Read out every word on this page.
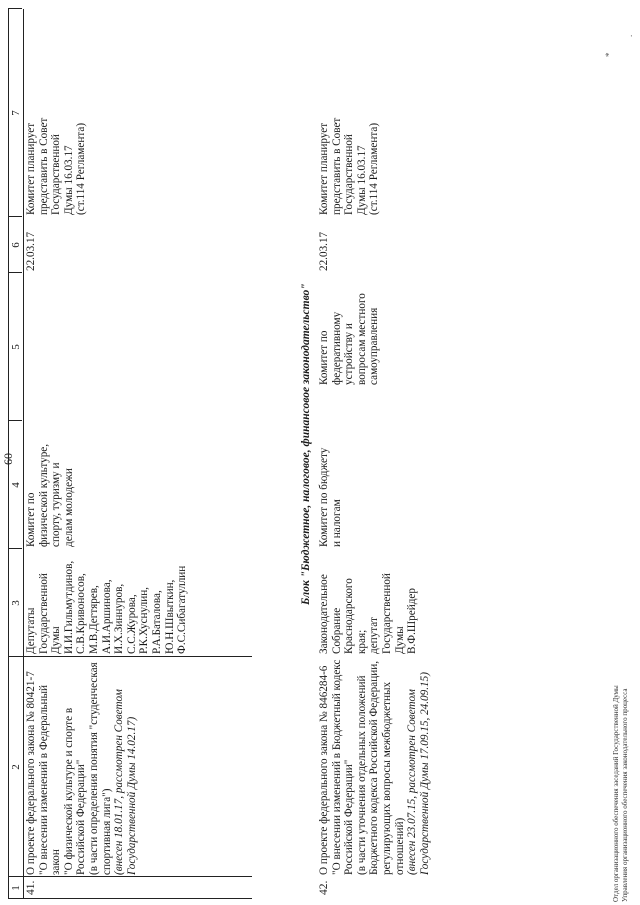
60
1
2
3
4
5
6
7
41.
О проекте федерального закона № 80421-7 "О внесении изменений в Федеральный закон "О физической культуре и спорте в Российской Федерации" (в части определения понятия "студенческая спортивная лига") (внесен 18.01.17, рассмотрен Советом Государственной Думы 14.02.17)
Депутаты Государственной Думы И.И.Гильмутдинов, С.В.Кривоносов, М.В.Дегтярев, А.И.Аршинова, И.Х.Зиннуров, С.С.Журова, Р.К.Хуснулин, Р.А.Баталова, Ю.Н.Швыткин, Ф.С.Сибагатуллин
Комитет по физической культуре, спорту, туризму и делам молодежи
22.03.17
Комитет планирует представить в Совет Государственной Думы 16.03.17 (ст.114 Регламента)
Блок "Бюджетное, налоговое, финансовое законодательство"
42.
О проекте федерального закона № 846284-6 "О внесении изменений в Бюджетный кодекс Российской Федерации" (в части уточнения отдельных положений Бюджетного кодекса Российской Федерации, регулирующих вопросы межбюджетных отношений) (внесен 23.07.15, рассмотрен Советом Государственной Думы 17.09.15, 24.09.15)
Законодательное Собрание Краснодарского края; депутат Государственной Думы В.Ф.Шрейдер
Комитет по бюджету и налогам
Комитет по федеративному устройству и вопросам местного самоуправления
22.03.17
Комитет планирует представить в Совет Государственной Думы 16.03.17 (ст.114 Регламента)
Отдел организационного обеспечения заседаний Государственной Думы Управления организационного обеспечения законодательного процесса
*
.
